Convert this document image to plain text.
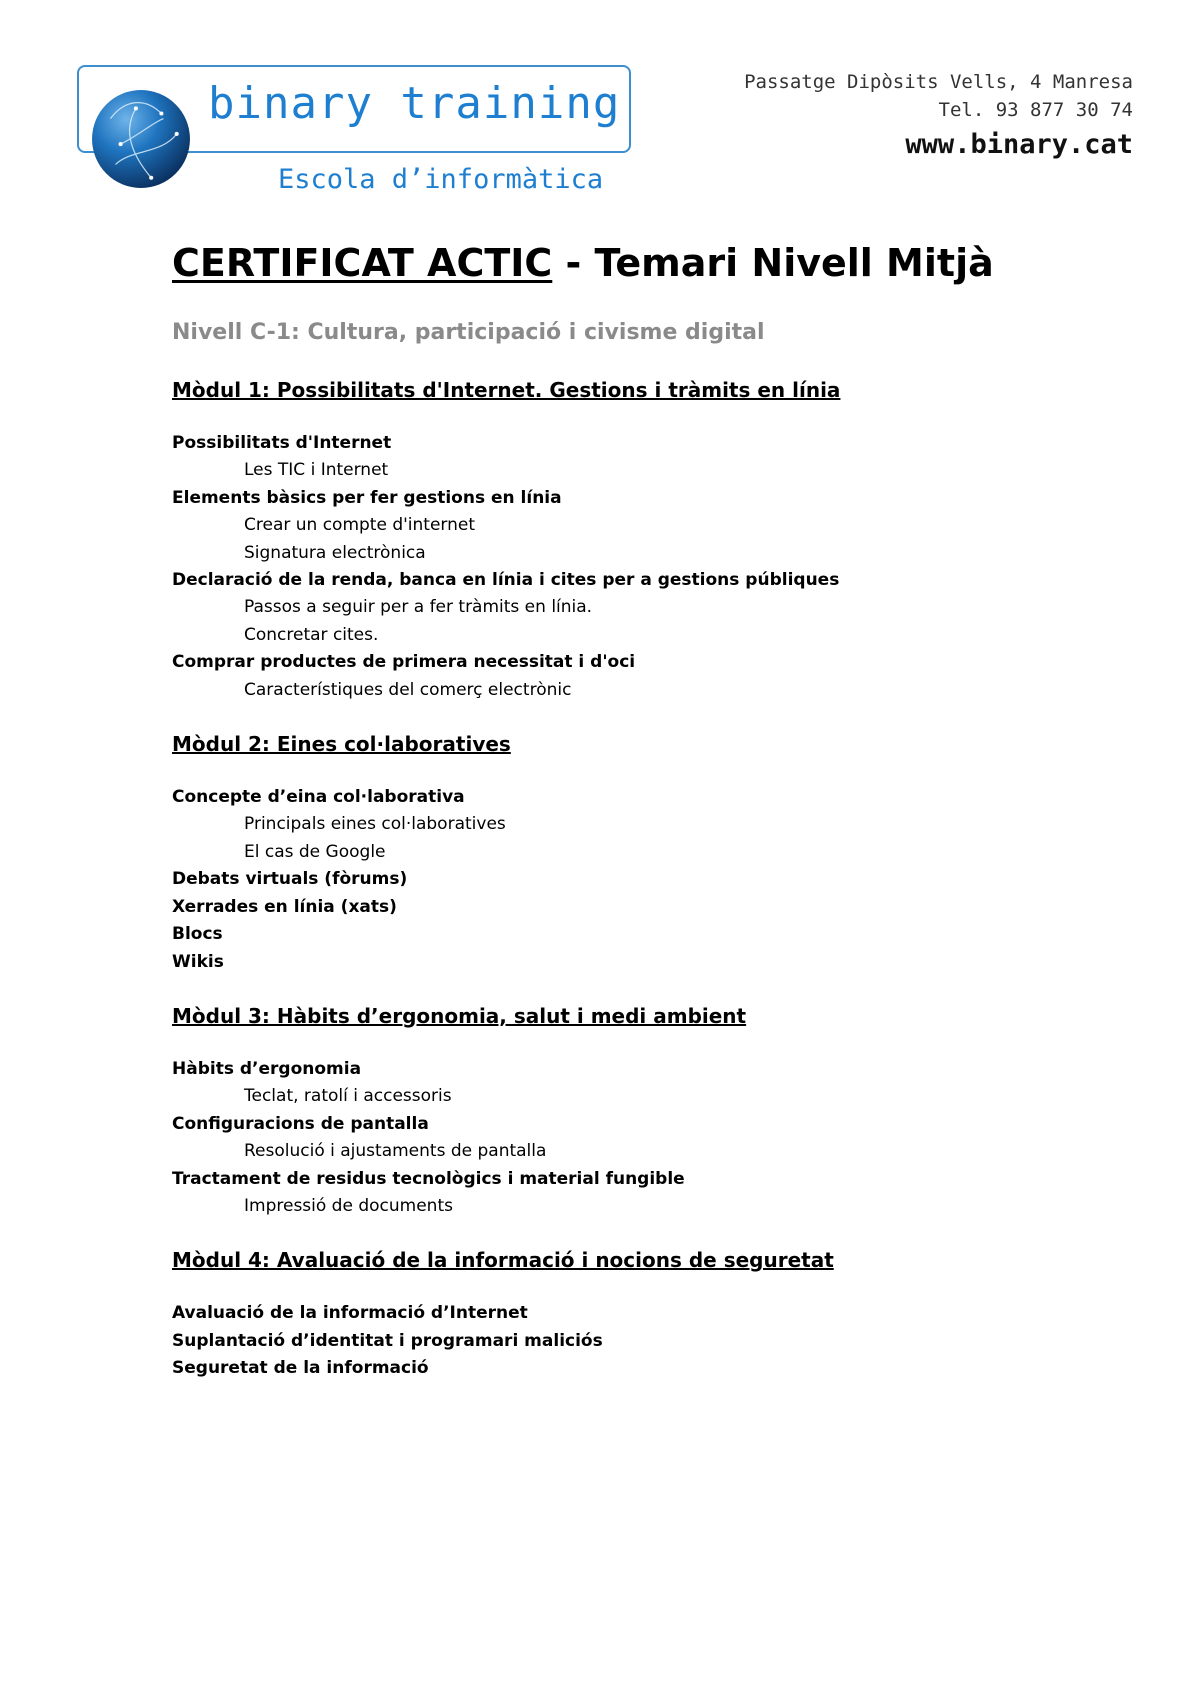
binary training
Escola d’informàtica
Passatge Dipòsits Vells, 4 Manresa
Tel. 93 877 30 74
www.binary.cat
CERTIFICAT ACTIC - Temari Nivell Mitjà
Nivell C-1: Cultura, participació i civisme digital
Mòdul 1: Possibilitats d'Internet. Gestions i tràmits en línia
Possibilitats d'Internet
Les TIC i Internet
Elements bàsics per fer gestions en línia
Crear un compte d'internet
Signatura electrònica
Declaració de la renda, banca en línia i cites per a gestions públiques
Passos a seguir per a fer tràmits en línia.
Concretar cites.
Comprar productes de primera necessitat i d'oci
Característiques del comerç electrònic
Mòdul 2: Eines col·laboratives
Concepte d’eina col·laborativa
Principals eines col·laboratives
El cas de Google
Debats virtuals (fòrums)
Xerrades en línia (xats)
Blocs
Wikis
Mòdul 3: Hàbits d’ergonomia, salut i medi ambient
Hàbits d’ergonomia
Teclat, ratolí i accessoris
Configuracions de pantalla
Resolució i ajustaments de pantalla
Tractament de residus tecnològics i material fungible
Impressió de documents
Mòdul 4: Avaluació de la informació i nocions de seguretat
Avaluació de la informació d’Internet
Suplantació d’identitat i programari maliciós
Seguretat de la informació
